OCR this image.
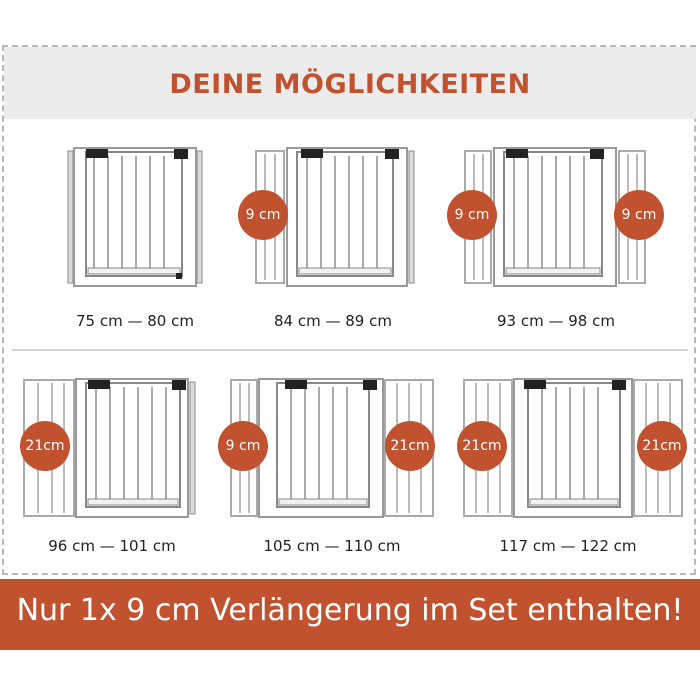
DEINE MÖGLICHKEITEN
75 cm — 80 cm
9 cm
84 cm — 89 cm
9 cm	9 cm
93 cm — 98 cm
21cm
96 cm — 101 cm
9 cm	21cm
105 cm — 110 cm
21cm	21cm
117 cm — 122 cm
Nur 1x 9 cm Verlängerung im Set enthalten!
